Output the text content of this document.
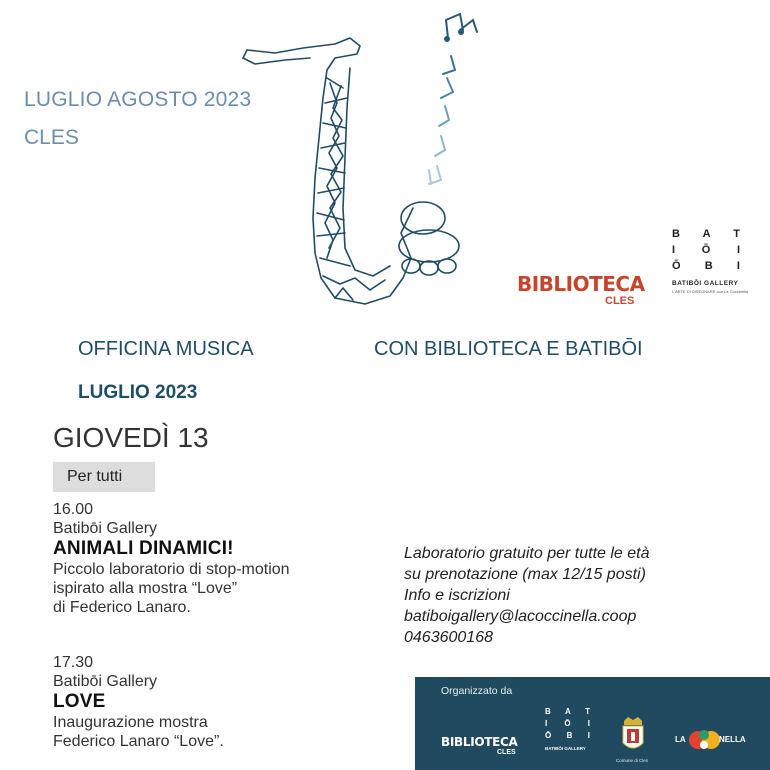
LUGLIO AGOSTO 2023
CLES
BIBLIOTECA
CLES
B A T
I Ō I
Ō B I
BATIBŌI GALLERY
L'ARTE DI DISEGNARE con La Coccinella
OFFICINA MUSICA	CON BIBLIOTECA E BATIBŌI
LUGLIO 2023
GIOVEDÌ 13
Per tutti
16.00
Batibōi Gallery
ANIMALI DINAMICI!
Piccolo laboratorio di stop-motion
ispirato alla mostra “Love”
di Federico Lanaro.
17.30
Batibōi Gallery
LOVE
Inaugurazione mostra
Federico Lanaro “Love”.
Laboratorio gratuito per tutte le età
su prenotazione (max 12/15 posti)
Info e iscrizioni
batiboigallery@lacoccinella.coop
0463600168
Organizzato da
BIBLIOTECA
CLES
B A T
I Ō I
Ō B I
BATIBŌI GALLERY
Comune di Cles
LA	NELLA
